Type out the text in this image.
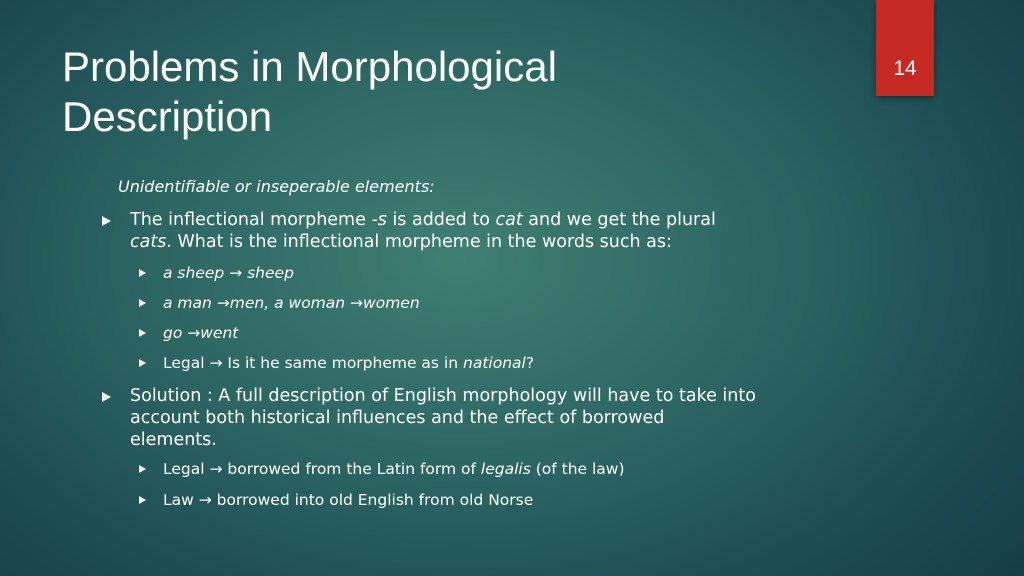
Problems in Morphological
Description
14
Unidentifiable or inseperable elements:
The inflectional morpheme -s is added to cat and we get the plural
cats. What is the inflectional morpheme in the words such as:
a sheep → sheep
a man →men, a woman →women
go →went
Legal → Is it he same morpheme as in national?
Solution : A full description of English morphology will have to take into
account both historical influences and the effect of borrowed
elements.
Legal → borrowed from the Latin form of legalis (of the law)
Law → borrowed into old English from old Norse
